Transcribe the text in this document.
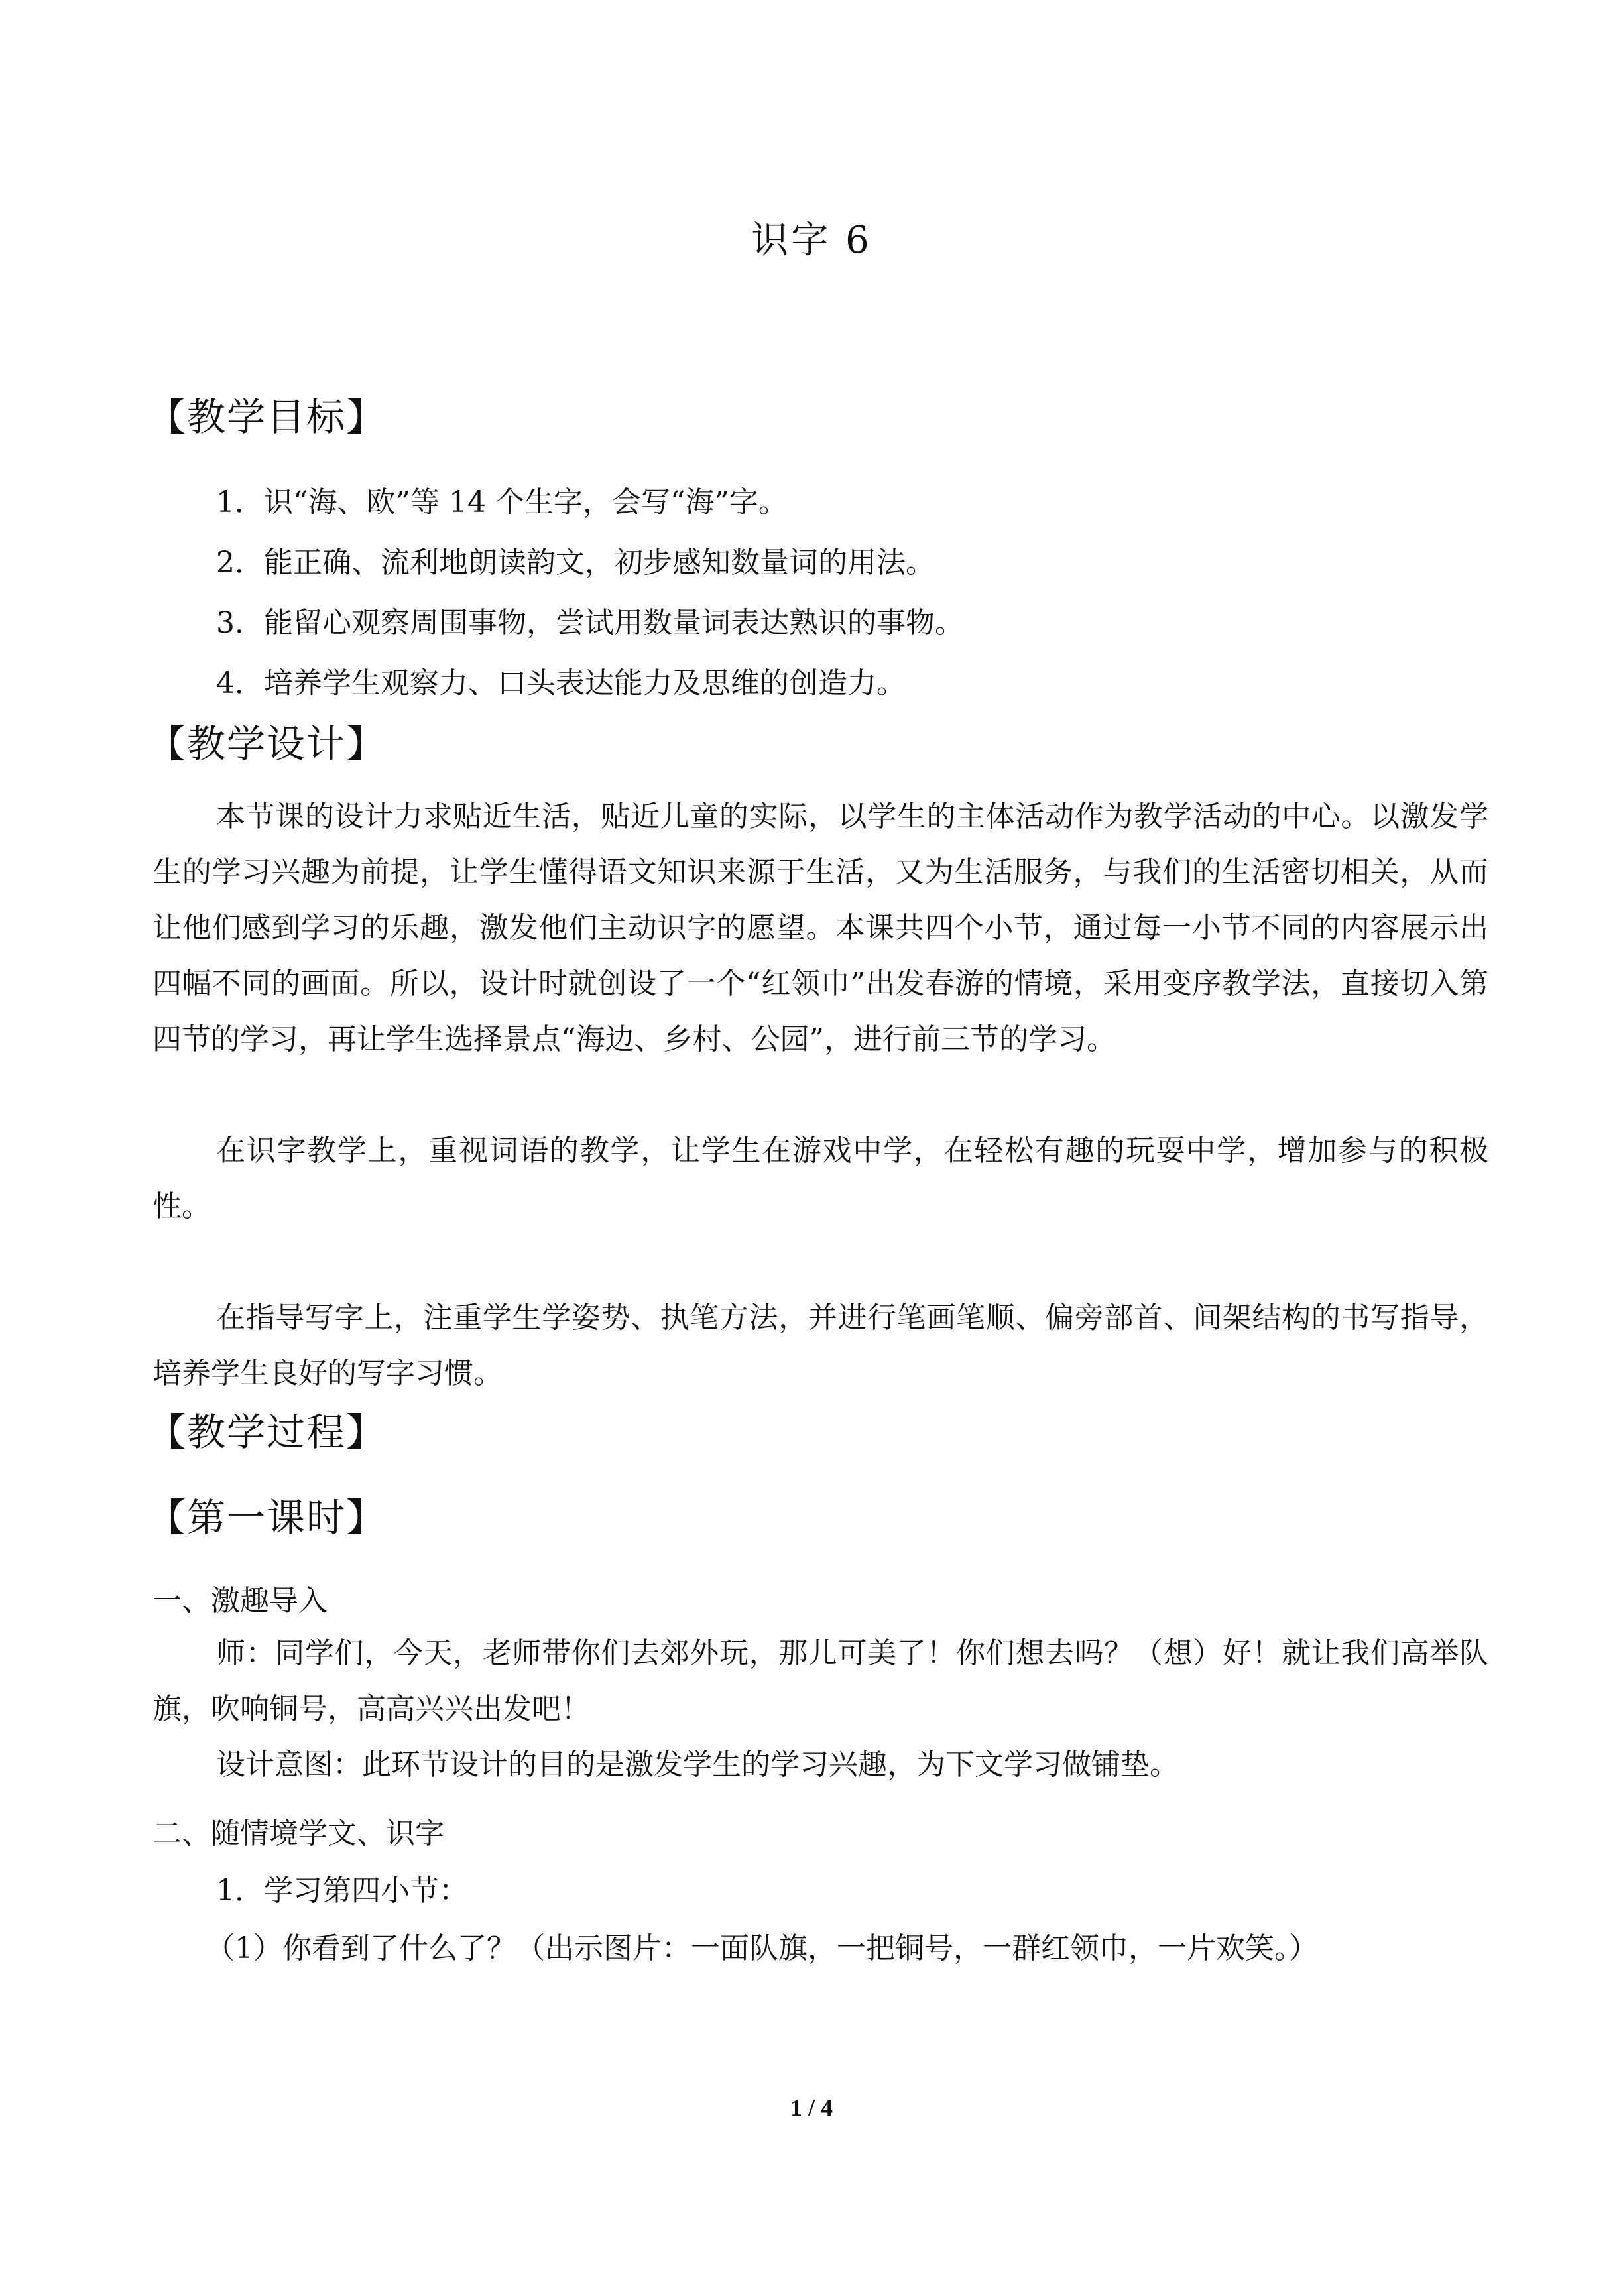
识字 6
【教学目标】
1．识“海、欧”等 14 个生字，会写“海”字。
2．能正确、流利地朗读韵文，初步感知数量词的用法。
3．能留心观察周围事物，尝试用数量词表达熟识的事物。
4．培养学生观察力、口头表达能力及思维的创造力。
【教学设计】
本节课的设计力求贴近生活，贴近儿童的实际，以学生的主体活动作为教学活动的中心。以激发学生的学习兴趣为前提，让学生懂得语文知识来源于生活，又为生活服务，与我们的生活密切相关，从而让他们感到学习的乐趣，激发他们主动识字的愿望。本课共四个小节，通过每一小节不同的内容展示出四幅不同的画面。所以，设计时就创设了一个“红领巾”出发春游的情境，采用变序教学法，直接切入第四节的学习，再让学生选择景点“海边、乡村、公园”，进行前三节的学习。
在识字教学上，重视词语的教学，让学生在游戏中学，在轻松有趣的玩耍中学，增加参与的积极性。
在指导写字上，注重学生学姿势、执笔方法，并进行笔画笔顺、偏旁部首、间架结构的书写指导，培养学生良好的写字习惯。
【教学过程】
【第一课时】
一、激趣导入
师：同学们，今天，老师带你们去郊外玩，那儿可美了！你们想去吗？（想）好！就让我们高举队旗，吹响铜号，高高兴兴出发吧！
设计意图：此环节设计的目的是激发学生的学习兴趣，为下文学习做铺垫。
二、随情境学文、识字
1．学习第四小节：
（1）你看到了什么了？（出示图片：一面队旗，一把铜号，一群红领巾，一片欢笑。）
1 / 4
